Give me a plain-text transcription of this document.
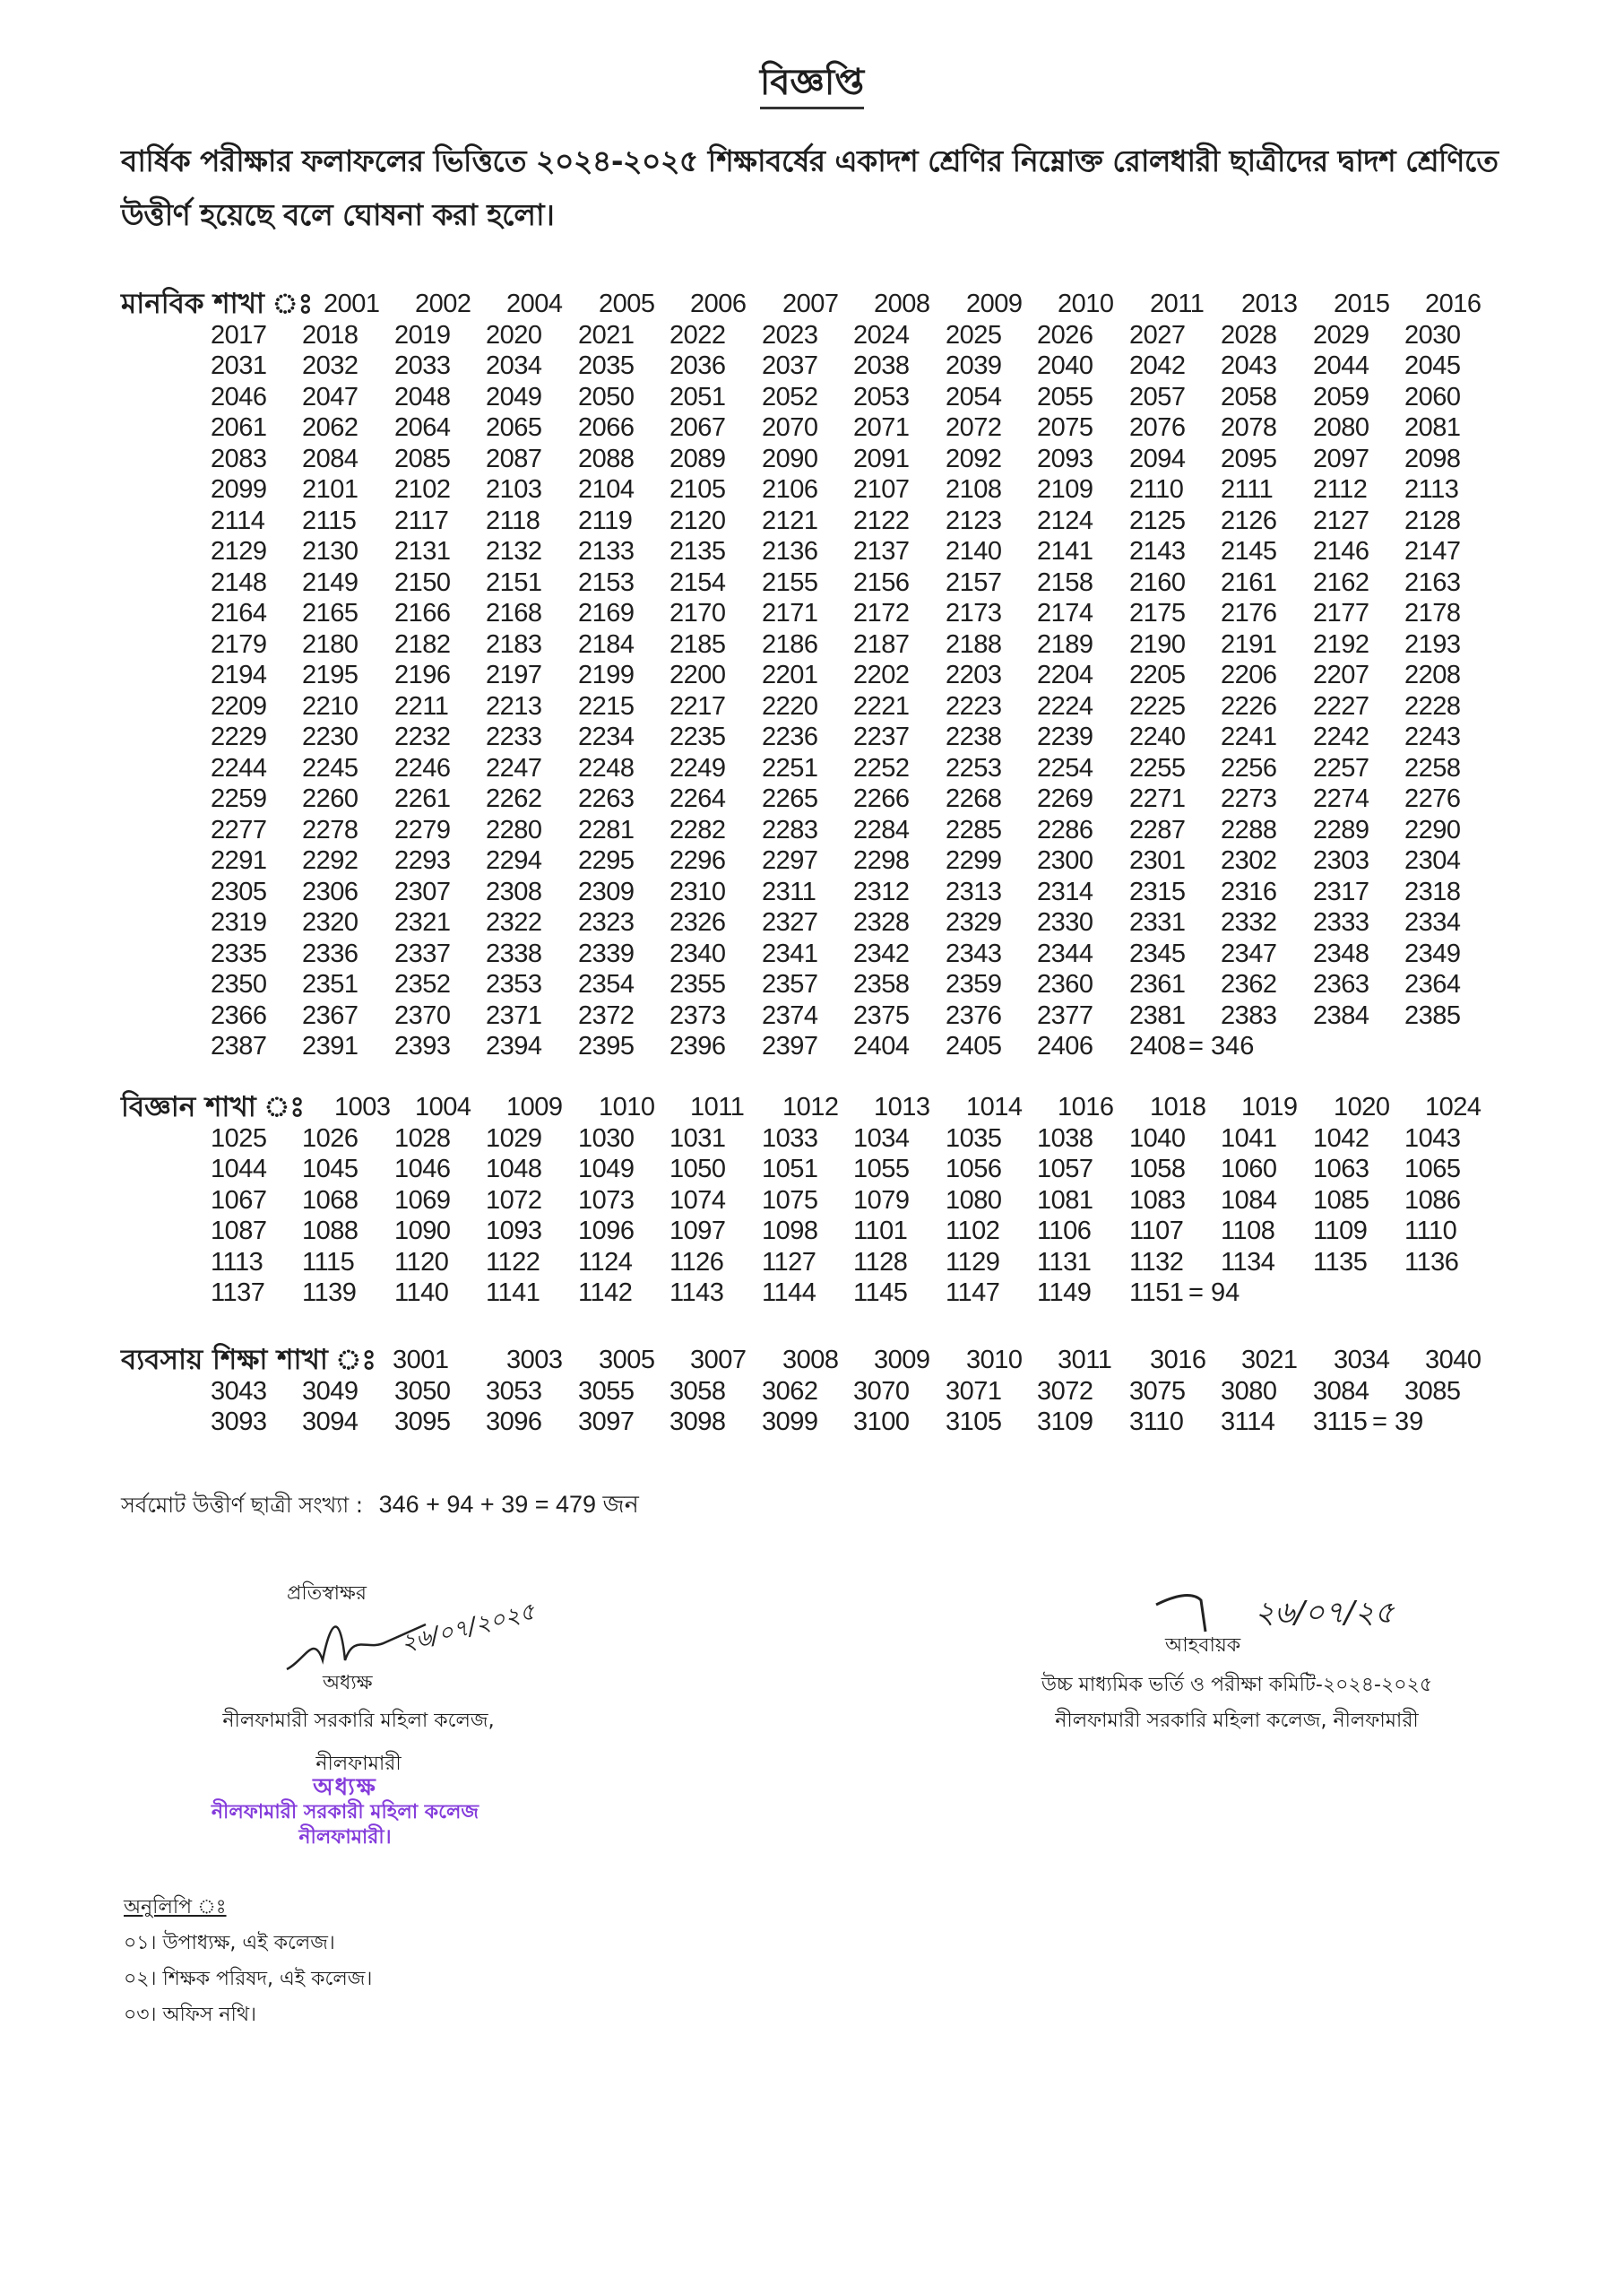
বিজ্ঞপ্তি
বার্ষিক পরীক্ষার ফলাফলের ভিত্তিতে ২০২৪-২০২৫ শিক্ষাবর্ষের একাদশ শ্রেণির নিম্নোক্ত রোলধারী ছাত্রীদের দ্বাদশ শ্রেণিতে উত্তীর্ণ হয়েছে বলে ঘোষনা করা হলো।
মানবিক শাখা ঃ 2001 2002 2004 2005 2006 2007 2008 2009 2010 2011 2013 2015 2016
2017 2018 2019 2020 2021 2022 2023 2024 2025 2026 2027 2028 2029 2030
2031 2032 2033 2034 2035 2036 2037 2038 2039 2040 2042 2043 2044 2045
2046 2047 2048 2049 2050 2051 2052 2053 2054 2055 2057 2058 2059 2060
2061 2062 2064 2065 2066 2067 2070 2071 2072 2075 2076 2078 2080 2081
2083 2084 2085 2087 2088 2089 2090 2091 2092 2093 2094 2095 2097 2098
2099 2101 2102 2103 2104 2105 2106 2107 2108 2109 2110 2111 2112 2113
2114 2115 2117 2118 2119 2120 2121 2122 2123 2124 2125 2126 2127 2128
2129 2130 2131 2132 2133 2135 2136 2137 2140 2141 2143 2145 2146 2147
2148 2149 2150 2151 2153 2154 2155 2156 2157 2158 2160 2161 2162 2163
2164 2165 2166 2168 2169 2170 2171 2172 2173 2174 2175 2176 2177 2178
2179 2180 2182 2183 2184 2185 2186 2187 2188 2189 2190 2191 2192 2193
2194 2195 2196 2197 2199 2200 2201 2202 2203 2204 2205 2206 2207 2208
2209 2210 2211 2213 2215 2217 2220 2221 2223 2224 2225 2226 2227 2228
2229 2230 2232 2233 2234 2235 2236 2237 2238 2239 2240 2241 2242 2243
2244 2245 2246 2247 2248 2249 2251 2252 2253 2254 2255 2256 2257 2258
2259 2260 2261 2262 2263 2264 2265 2266 2268 2269 2271 2273 2274 2276
2277 2278 2279 2280 2281 2282 2283 2284 2285 2286 2287 2288 2289 2290
2291 2292 2293 2294 2295 2296 2297 2298 2299 2300 2301 2302 2303 2304
2305 2306 2307 2308 2309 2310 2311 2312 2313 2314 2315 2316 2317 2318
2319 2320 2321 2322 2323 2326 2327 2328 2329 2330 2331 2332 2333 2334
2335 2336 2337 2338 2339 2340 2341 2342 2343 2344 2345 2347 2348 2349
2350 2351 2352 2353 2354 2355 2357 2358 2359 2360 2361 2362 2363 2364
2366 2367 2370 2371 2372 2373 2374 2375 2376 2377 2381 2383 2384 2385
2387 2391 2393 2394 2395 2396 2397 2404 2405 2406 2408 = 346
বিজ্ঞান শাখা ঃ 1003 1004 1009 1010 1011 1012 1013 1014 1016 1018 1019 1020 1024
1025 1026 1028 1029 1030 1031 1033 1034 1035 1038 1040 1041 1042 1043
1044 1045 1046 1048 1049 1050 1051 1055 1056 1057 1058 1060 1063 1065
1067 1068 1069 1072 1073 1074 1075 1079 1080 1081 1083 1084 1085 1086
1087 1088 1090 1093 1096 1097 1098 1101 1102 1106 1107 1108 1109 1110
1113 1115 1120 1122 1124 1126 1127 1128 1129 1131 1132 1134 1135 1136
1137 1139 1140 1141 1142 1143 1144 1145 1147 1149 1151 = 94
ব্যবসায় শিক্ষা শাখা ঃ 3001 3003 3005 3007 3008 3009 3010 3011 3016 3021 3034 3040
3043 3049 3050 3053 3055 3058 3062 3070 3071 3072 3075 3080 3084 3085
3093 3094 3095 3096 3097 3098 3099 3100 3105 3109 3110 3114 3115 = 39
সর্বমোট উত্তীর্ণ ছাত্রী সংখ্যা : 346 + 94 + 39 = 479 জন
প্রতিস্বাক্ষর
২৬/০৭/২০২৫
অধ্যক্ষ
নীলফামারী সরকারি মহিলা কলেজ,
নীলফামারী
অধ্যক্ষ
নীলফামারী সরকারী মহিলা কলেজ
নীলফামারী।
২৬/০৭/২৫
আহবায়ক
উচ্চ মাধ্যমিক ভর্তি ও পরীক্ষা কমিটি-২০২৪-২০২৫
নীলফামারী সরকারি মহিলা কলেজ, নীলফামারী
অনুলিপি ঃ
০১। উপাধ্যক্ষ, এই কলেজ।
০২। শিক্ষক পরিষদ, এই কলেজ।
০৩। অফিস নথি।
